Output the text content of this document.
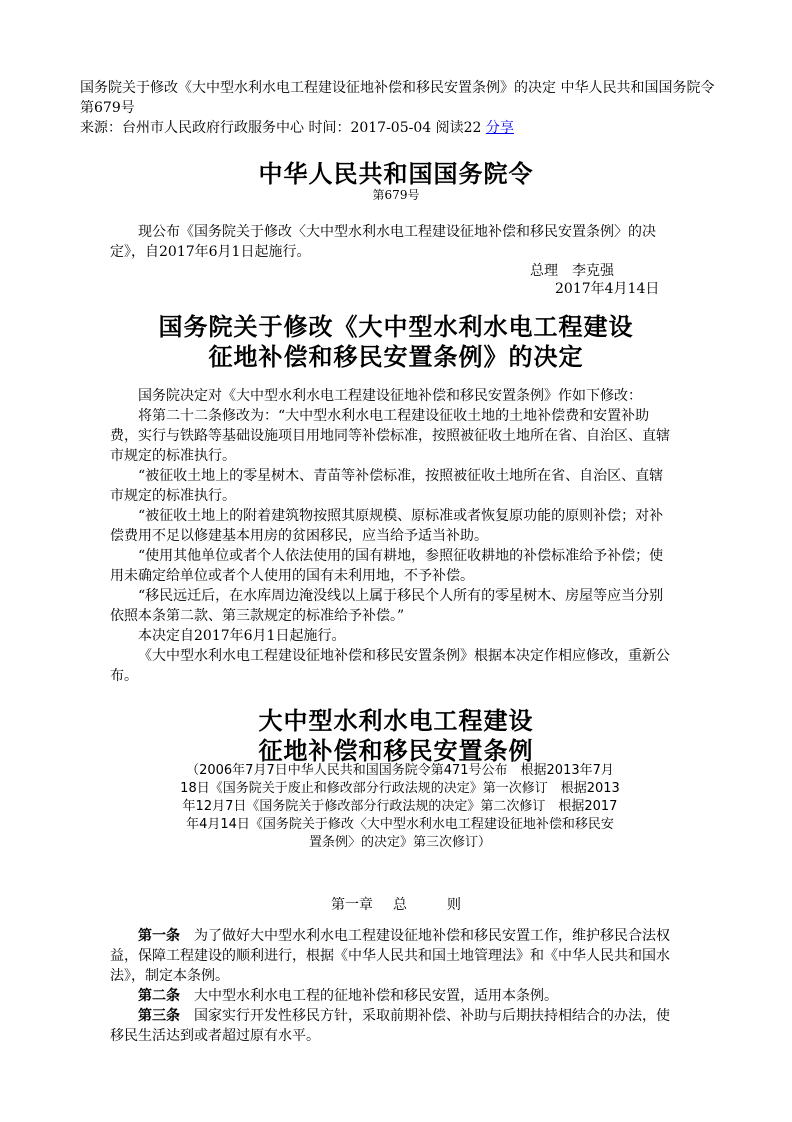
国务院关于修改《大中型水利水电工程建设征地补偿和移民安置条例》的决定 中华人民共和国国务院令第679号
来源：台州市人民政府行政服务中心 时间：2017-05-04 阅读22 分享
中华人民共和国国务院令
第679号
现公布《国务院关于修改〈大中型水利水电工程建设征地补偿和移民安置条例〉的决定》，自2017年6月1日起施行。
总理　李克强
2017年4月14日
国务院关于修改《大中型水利水电工程建设
征地补偿和移民安置条例》的决定

国务院决定对《大中型水利水电工程建设征地补偿和移民安置条例》作如下修改：

将第二十二条修改为：“大中型水利水电工程建设征收土地的土地补偿费和安置补助费，实行与铁路等基础设施项目用地同等补偿标准，按照被征收土地所在省、自治区、直辖市规定的标准执行。

“被征收土地上的零星树木、青苗等补偿标准，按照被征收土地所在省、自治区、直辖市规定的标准执行。

“被征收土地上的附着建筑物按照其原规模、原标准或者恢复原功能的原则补偿；对补偿费用不足以修建基本用房的贫困移民，应当给予适当补助。

“使用其他单位或者个人依法使用的国有耕地，参照征收耕地的补偿标准给予补偿；使用未确定给单位或者个人使用的国有未利用地，不予补偿。

“移民远迁后，在水库周边淹没线以上属于移民个人所有的零星树木、房屋等应当分别依照本条第二款、第三款规定的标准给予补偿。”

本决定自2017年6月1日起施行。

《大中型水利水电工程建设征地补偿和移民安置条例》根据本决定作相应修改，重新公布。

大中型水利水电工程建设
征地补偿和移民安置条例
（2006年7月7日中华人民共和国国务院令第471号公布　根据2013年7月18日《国务院关于废止和修改部分行政法规的决定》第一次修订　根据2013年12月7日《国务院关于修改部分行政法规的决定》第二次修订　根据2017年4月14日《国务院关于修改〈大中型水利水电工程建设征地补偿和移民安置条例〉的决定》第三次修订）
第一章 总	则

第一条　 为了做好大中型水利水电工程建设征地补偿和移民安置工作，维护移民合法权益，保障工程建设的顺利进行，根据《中华人民共和国土地管理法》和《中华人民共和国水法》，制定本条例。

第二条　 大中型水利水电工程的征地补偿和移民安置，适用本条例。

第三条　 国家实行开发性移民方针，采取前期补偿、补助与后期扶持相结合的办法，使移民生活达到或者超过原有水平。
